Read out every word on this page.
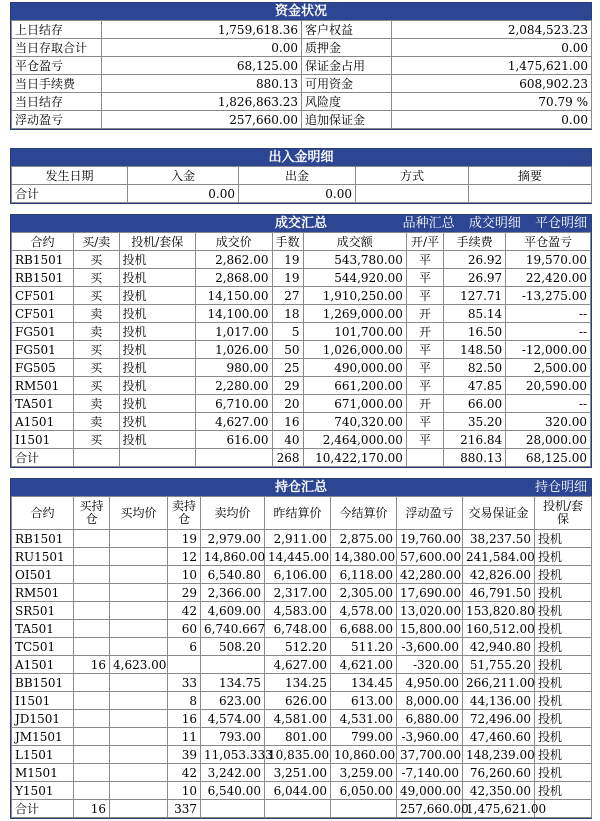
资金状况
上日结存	1,759,618.36	客户权益	2,084,523.23
当日存取合计	0.00	质押金	0.00
平仓盈亏	68,125.00	保证金占用	1,475,621.00
当日手续费	880.13	可用资金	608,902.23
当日结存	1,826,863.23	风险度	70.79 %
浮动盈亏	257,660.00	追加保证金	0.00
出入金明细
发生日期	入金	出金	方式	摘要
合计	0.00	0.00		
成交汇总	品种汇总 成交明细 平仓明细
合约	买/卖	投机/套保	成交价	手数	成交额	开/平	手续费	平仓盈亏
RB1501	买	投机	2,862.00	19	543,780.00	平	26.92	19,570.00
RB1501	买	投机	2,868.00	19	544,920.00	平	26.97	22,420.00
CF501	买	投机	14,150.00	27	1,910,250.00	平	127.71	-13,275.00
CF501	卖	投机	14,100.00	18	1,269,000.00	开	85.14	--
FG501	卖	投机	1,017.00	5	101,700.00	开	16.50	--
FG501	买	投机	1,026.00	50	1,026,000.00	平	148.50	-12,000.00
FG505	买	投机	980.00	25	490,000.00	平	82.50	2,500.00
RM501	买	投机	2,280.00	29	661,200.00	平	47.85	20,590.00
TA501	卖	投机	6,710.00	20	671,000.00	开	66.00	--
A1501	卖	投机	4,627.00	16	740,320.00	平	35.20	320.00
I1501	买	投机	616.00	40	2,464,000.00	平	216.84	28,000.00
合计				268	10,422,170.00		880.13	68,125.00
持仓汇总	持仓明细
合约	买持仓	买均价	卖持仓	卖均价	昨结算价	今结算价	浮动盈亏	交易保证金	投机/套保
RB1501			19	2,979.00	2,911.00	2,875.00	19,760.00	38,237.50	投机
RU1501			12	14,860.00	14,445.00	14,380.00	57,600.00	241,584.00	投机
OI501			10	6,540.80	6,106.00	6,118.00	42,280.00	42,826.00	投机
RM501			29	2,366.00	2,317.00	2,305.00	17,690.00	46,791.50	投机
SR501			42	4,609.00	4,583.00	4,578.00	13,020.00	153,820.80	投机
TA501			60	6,740.667	6,748.00	6,688.00	15,800.00	160,512.00	投机
TC501			6	508.20	512.20	511.20	-3,600.00	42,940.80	投机
A1501	16	4,623.00			4,627.00	4,621.00	-320.00	51,755.20	投机
BB1501			33	134.75	134.25	134.45	4,950.00	266,211.00	投机
I1501			8	623.00	626.00	613.00	8,000.00	44,136.00	投机
JD1501			16	4,574.00	4,581.00	4,531.00	6,880.00	72,496.00	投机
JM1501			11	793.00	801.00	799.00	-3,960.00	47,460.60	投机
L1501			39	11,053.333	10,835.00	10,860.00	37,700.00	148,239.00	投机
M1501			42	3,242.00	3,251.00	3,259.00	-7,140.00	76,260.60	投机
Y1501			10	6,540.00	6,044.00	6,050.00	49,000.00	42,350.00	投机
合计	16		337				257,660.00	1,475,621.00	
